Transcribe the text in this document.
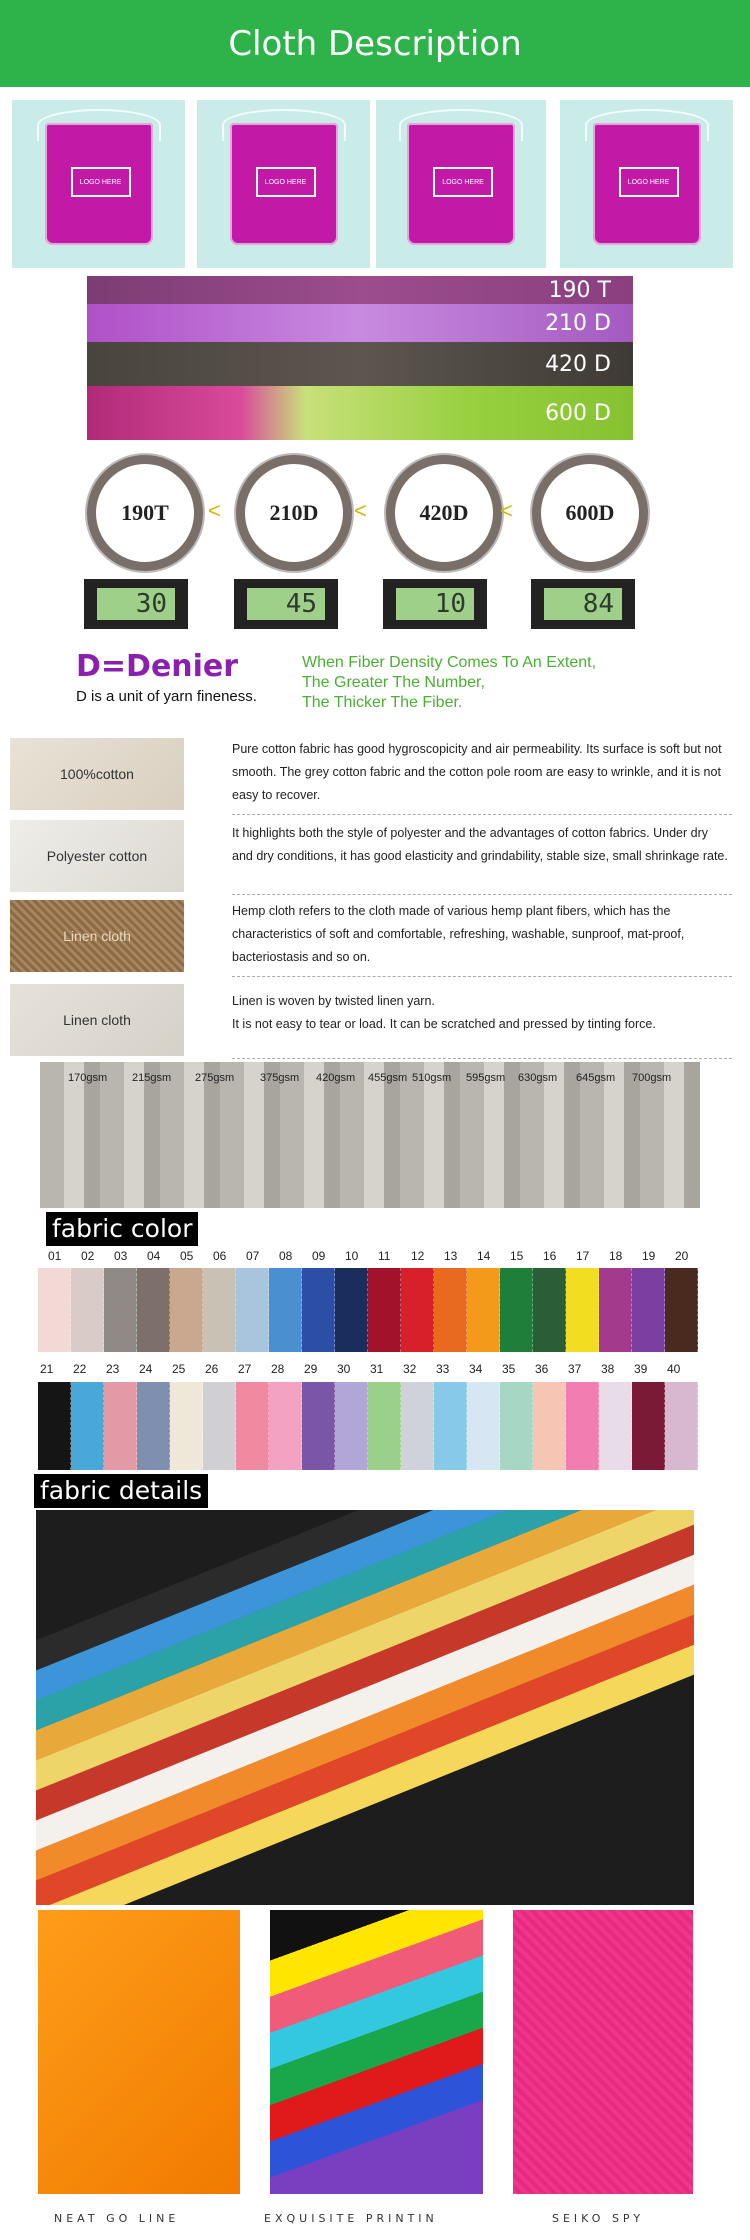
Cloth Description
LOGO HERE	LOGO HERE	LOGO HERE	LOGO HERE
190 T
210 D
420 D
600 D
190T < 210D < 420D < 600D
30	45	10	84
D=Denier
D is a unit of yarn fineness.
When Fiber Density Comes To An Extent,
The Greater The Number,
The Thicker The Fiber.
100%cotton
Pure cotton fabric has good hygroscopicity and air permeability. Its surface is soft but not smooth. The grey cotton fabric and the cotton pole room are easy to wrinkle, and it is not easy to recover.
Polyester cotton
It highlights both the style of polyester and the advantages of cotton fabrics. Under dry and dry conditions, it has good elasticity and grindability, stable size, small shrinkage rate.
Linen cloth
Hemp cloth refers to the cloth made of various hemp plant fibers, which has the characteristics of soft and comfortable, refreshing, washable, sunproof, mat-proof, bacteriostasis and so on.
Linen cloth
Linen is woven by twisted linen yarn.
It is not easy to tear or load. It can be scratched and pressed by tinting force.
170gsm 215gsm 275gsm 375gsm 420gsm 455gsm 510gsm 595gsm 630gsm 645gsm 700gsm
fabric color
01 02 03 04 05 06 07 08 09 10 11 12 13 14 15 16 17 18 19 20
21 22 23 24 25 26 27 28 29 30 31 32 33 34 35 36 37 38 39 40
fabric details
NEAT GO LINE	EXQUISITE PRINTIN	SEIKO SPY
